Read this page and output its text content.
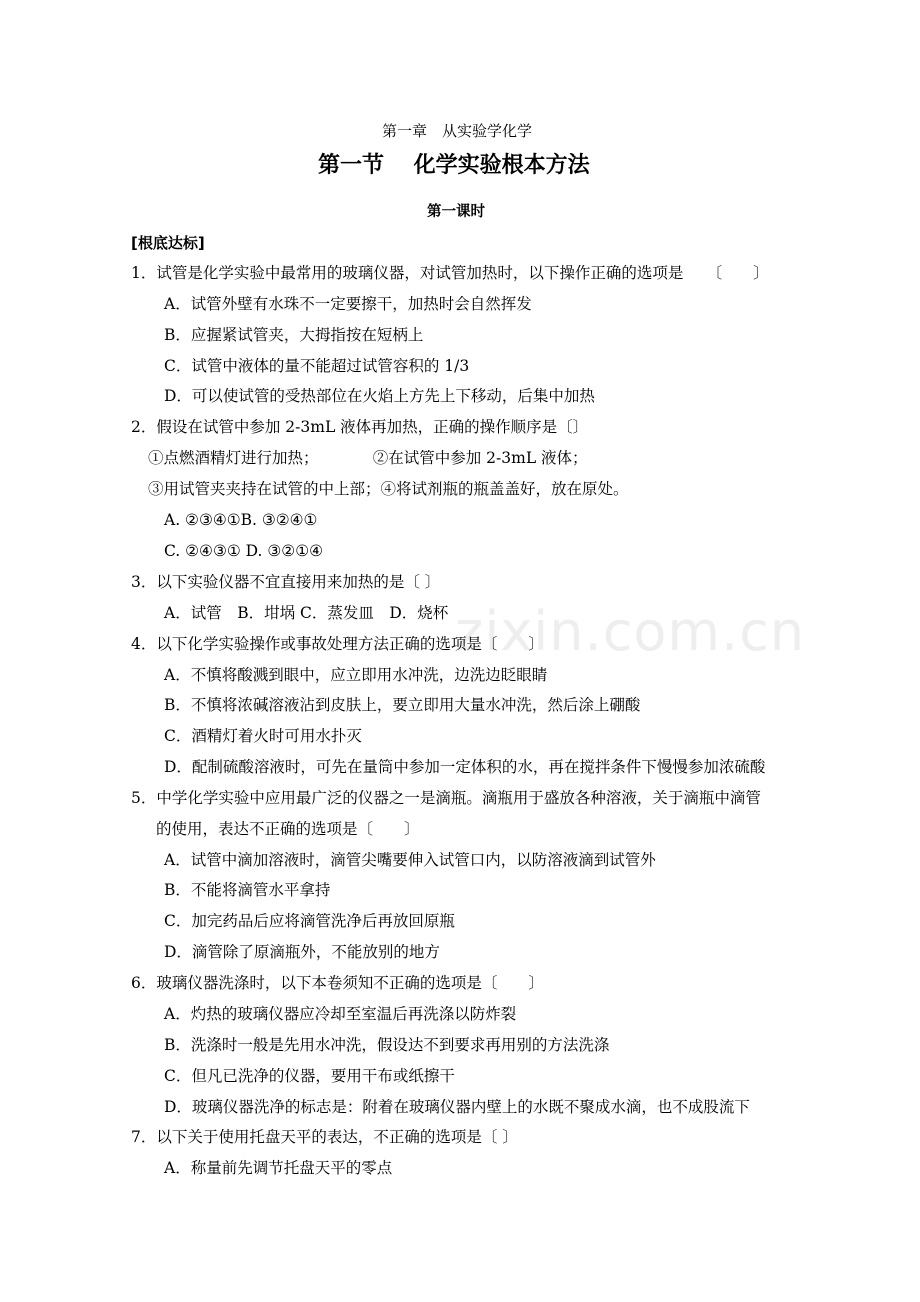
zixin.com.cn
第一章　从实验学化学
第一节　 化学实验根本方法
第一课时
[根底达标]
1．试管是化学实验中最常用的玻璃仪器，对试管加热时，以下操作正确的选项是　　〔　　〕
A．试管外壁有水珠不一定要擦干，加热时会自然挥发
B．应握紧试管夹，大拇指按在短柄上
C．试管中液体的量不能超过试管容积的 1/3
D．可以使试管的受热部位在火焰上方先上下移动，后集中加热
2．假设在试管中参加 2-3mL 液体再加热，正确的操作顺序是〔〕
①点燃酒精灯进行加热；　　　　②在试管中参加 2-3mL 液体；
③用试管夹夹持在试管的中上部；④将试剂瓶的瓶盖盖好，放在原处。
A. ②③④①B. ③②④①
C. ②④③① D. ③②①④
3．以下实验仪器不宜直接用来加热的是〔 〕
A．试管　B．坩埚 C．蒸发皿　D．烧杯
4．以下化学实验操作或事故处理方法正确的选项是〔　　〕
A．不慎将酸溅到眼中，应立即用水冲洗，边洗边眨眼睛
B．不慎将浓碱溶液沾到皮肤上，要立即用大量水冲洗，然后涂上硼酸
C．酒精灯着火时可用水扑灭
D．配制硫酸溶液时，可先在量筒中参加一定体积的水，再在搅拌条件下慢慢参加浓硫酸
5．中学化学实验中应用最广泛的仪器之一是滴瓶。滴瓶用于盛放各种溶液，关于滴瓶中滴管
的使用，表达不正确的选项是〔　　〕
A．试管中滴加溶液时，滴管尖嘴要伸入试管口内，以防溶液滴到试管外
B．不能将滴管水平拿持
C．加完药品后应将滴管洗净后再放回原瓶
D．滴管除了原滴瓶外，不能放别的地方
6．玻璃仪器洗涤时，以下本卷须知不正确的选项是〔　　〕
A．灼热的玻璃仪器应冷却至室温后再洗涤以防炸裂
B．洗涤时一般是先用水冲洗，假设达不到要求再用别的方法洗涤
C．但凡已洗净的仪器，要用干布或纸擦干
D．玻璃仪器洗净的标志是：附着在玻璃仪器内壁上的水既不聚成水滴，也不成股流下
7．以下关于使用托盘天平的表达，不正确的选项是〔 〕
A．称量前先调节托盘天平的零点
